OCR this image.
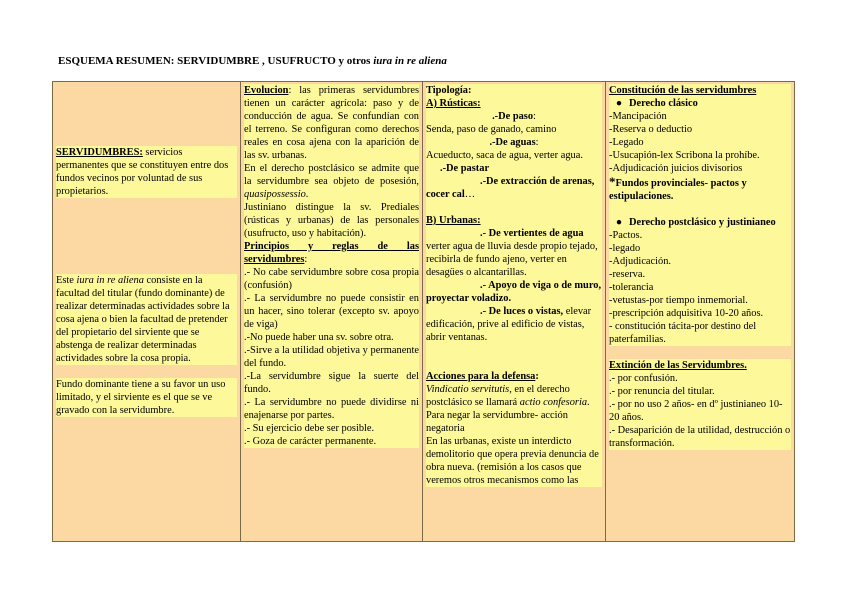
ESQUEMA RESUMEN: SERVIDUMBRE , USUFRUCTO y otros iura in re aliena
SERVIDUMBRES: servicios permanentes que se constituyen entre dos fundos vecinos por voluntad de sus propietarios.
Este iura in re aliena consiste en la facultad del titular (fundo dominante) de realizar determinadas actividades sobre la cosa ajena o bien la facultad de pretender del propietario del sirviente que se abstenga de realizar determinadas actividades sobre la cosa propia.
Fundo dominante tiene a su favor un uso limitado, y el sirviente es el que se ve gravado con la servidumbre.

Evolucion: las primeras servidumbres tienen un carácter agrícola: paso y de conducción de agua. Se confundían con el terreno. Se configuran como derechos reales en cosa ajena con la aparición de las sv. urbanas.
En el derecho postclásico se admite que la servidumbre sea objeto de posesión, quasipossessio.
Justiniano distingue la sv. Prediales (rústicas y urbanas) de las personales (usufructo, uso y habitación).
Principios y reglas de las servidumbres:
.- No cabe servidumbre sobre cosa propia (confusión)
.- La servidumbre no puede consistir en un hacer, sino tolerar (excepto sv. apoyo de viga)
.-No puede haber una sv. sobre otra.
.-Sirve a la utilidad objetiva y permanente del fundo.
.-La servidumbre sigue la suerte del fundo.
.- La servidumbre no puede dividirse ni enajenarse por partes.
.- Su ejercicio debe ser posible.
.- Goza de carácter permanente.

Tipología:
A) Rústicas:
.-De paso:
Senda, paso de ganado, camino
.-De aguas:
Acueducto, saca de agua, verter agua. .-De pastar
.-De extracción de arenas, cocer cal…
B) Urbanas:
.- De vertientes de agua verter agua de lluvia desde propio tejado, recibirla de fundo ajeno, verter en desagües o alcantarillas.
.- Apoyo de viga o de muro, proyectar voladizo.
.- De luces o vistas, elevar edificación, prive al edificio de vistas, abrir ventanas.
Acciones para la defensa:
Vindicatio servitutis, en el derecho postclásico se llamará actio confesoria.
Para negar la servidumbre- acción negatoria
En las urbanas, existe un interdicto demolitorio que opera previa denuncia de obra nueva. (remisión a los casos que veremos otros mecanismos como las

Constitución de las servidumbres
● Derecho clásico
-Mancipación
-Reserva o deductio
-Legado
-Usucapión-lex Scribona la prohíbe.
-Adjudicación juicios divisorios
*Fundos provinciales- pactos y estipulaciones.
● Derecho postclásico y justinianeo
-Pactos.
-legado
-Adjudicación.
-reserva.
-tolerancia
-vetustas-por tiempo inmemorial.
-prescripción adquisitiva 10-20 años.
- constitución tácita-por destino del paterfamilias.
Extinción de las Servidumbres.
.- por confusión.
.- por renuncia del titular.
.- por no uso 2 años- en dº justinianeo 10-20 años.
.- Desaparición de la utilidad, destrucción o transformación.
